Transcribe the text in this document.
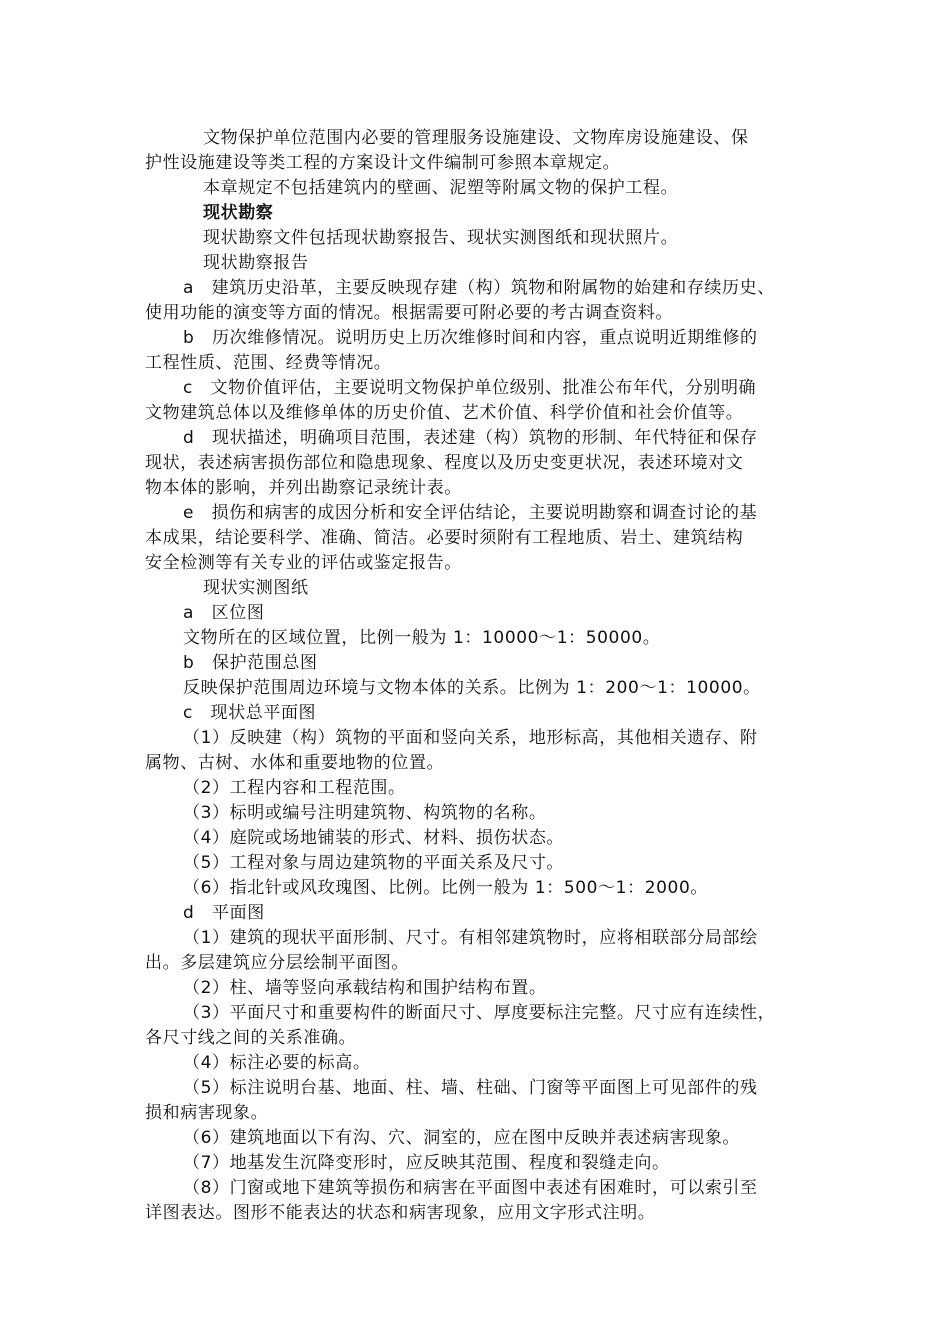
文物保护单位范围内必要的管理服务设施建设、文物库房设施建设、保
护性设施建设等类工程的方案设计文件编制可参照本章规定。
本章规定不包括建筑内的壁画、泥塑等附属文物的保护工程。
现状勘察
现状勘察文件包括现状勘察报告、现状实测图纸和现状照片。
现状勘察报告
a　建筑历史沿革，主要反映现存建（构）筑物和附属物的始建和存续历史、
使用功能的演变等方面的情况。根据需要可附必要的考古调查资料。
b　历次维修情况。说明历史上历次维修时间和内容，重点说明近期维修的
工程性质、范围、经费等情况。
c　文物价值评估，主要说明文物保护单位级别、批准公布年代，分别明确
文物建筑总体以及维修单体的历史价值、艺术价值、科学价值和社会价值等。
d　现状描述，明确项目范围，表述建（构）筑物的形制、年代特征和保存
现状，表述病害损伤部位和隐患现象、程度以及历史变更状况，表述环境对文
物本体的影响，并列出勘察记录统计表。
e　损伤和病害的成因分析和安全评估结论，主要说明勘察和调查讨论的基
本成果，结论要科学、准确、简洁。必要时须附有工程地质、岩土、建筑结构
安全检测等有关专业的评估或鉴定报告。
现状实测图纸
a　区位图
文物所在的区域位置，比例一般为 1：10000～1：50000。
b　保护范围总图
反映保护范围周边环境与文物本体的关系。比例为 1：200～1：10000。
c　现状总平面图
（1）反映建（构）筑物的平面和竖向关系，地形标高，其他相关遗存、附
属物、古树、水体和重要地物的位置。
（2）工程内容和工程范围。
（3）标明或编号注明建筑物、构筑物的名称。
（4）庭院或场地铺装的形式、材料、损伤状态。
（5）工程对象与周边建筑物的平面关系及尺寸。
（6）指北针或风玫瑰图、比例。比例一般为 1：500～1：2000。
d　平面图
（1）建筑的现状平面形制、尺寸。有相邻建筑物时，应将相联部分局部绘
出。多层建筑应分层绘制平面图。
（2）柱、墙等竖向承载结构和围护结构布置。
（3）平面尺寸和重要构件的断面尺寸、厚度要标注完整。尺寸应有连续性，
各尺寸线之间的关系准确。
（4）标注必要的标高。
（5）标注说明台基、地面、柱、墙、柱础、门窗等平面图上可见部件的残
损和病害现象。
（6）建筑地面以下有沟、穴、洞室的，应在图中反映并表述病害现象。
（7）地基发生沉降变形时，应反映其范围、程度和裂缝走向。
（8）门窗或地下建筑等损伤和病害在平面图中表述有困难时，可以索引至
详图表达。图形不能表达的状态和病害现象，应用文字形式注明。
